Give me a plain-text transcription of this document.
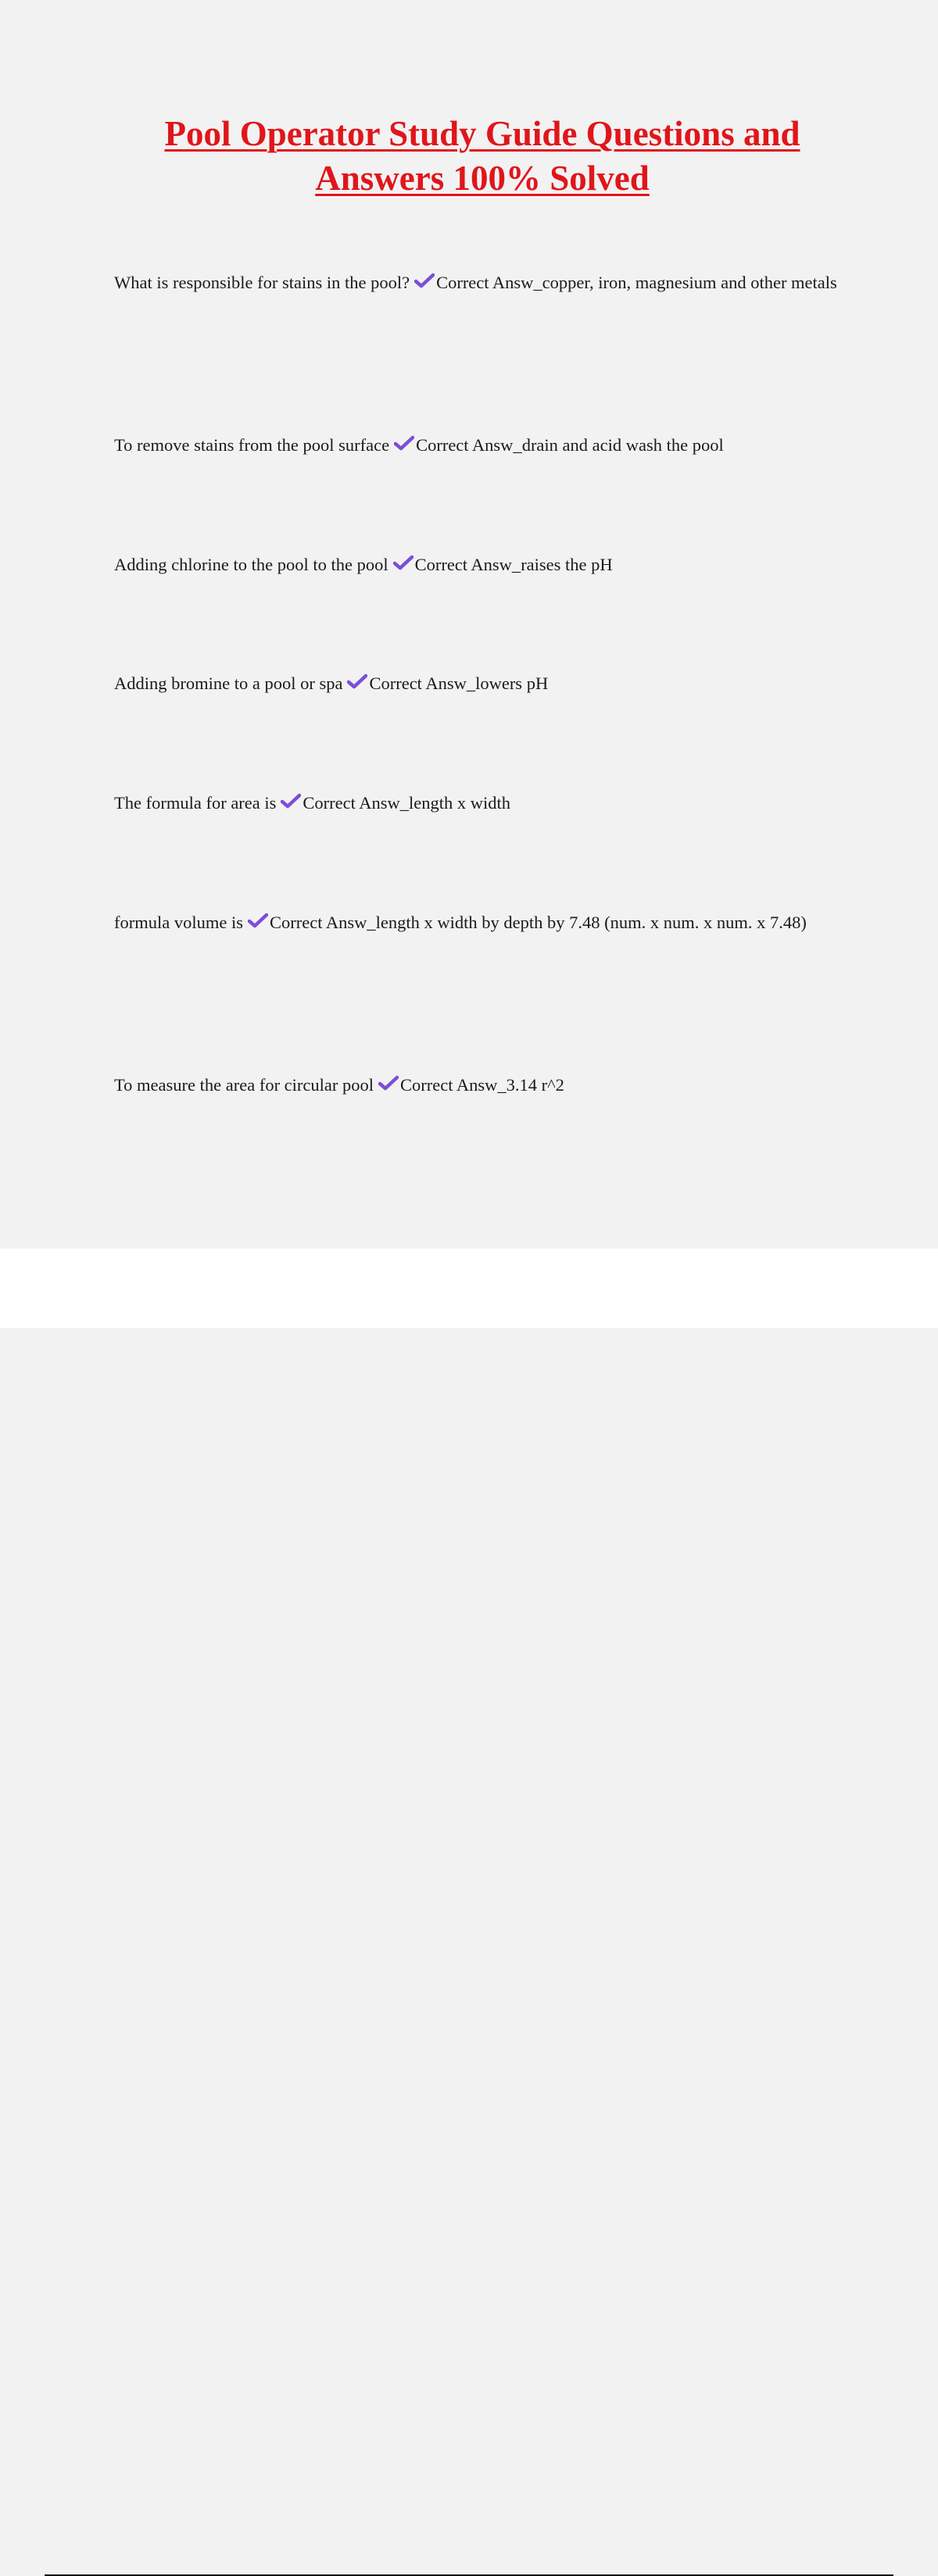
Pool Operator Study Guide Questions and
Answers 100% Solved

What is responsible for stains in the pool? Correct Answ_copper, iron, magnesium and other metals

To remove stains from the pool surface Correct Answ_drain and acid wash the pool

Adding chlorine to the pool to the pool Correct Answ_raises the pH

Adding bromine to a pool or spa Correct Answ_lowers pH

The formula for area is Correct Answ_length x width

formula volume is Correct Answ_length x width by depth by 7.48 (num. x num. x num. x 7.48)

To measure the area for circular pool Correct Answ_3.14 r^2
